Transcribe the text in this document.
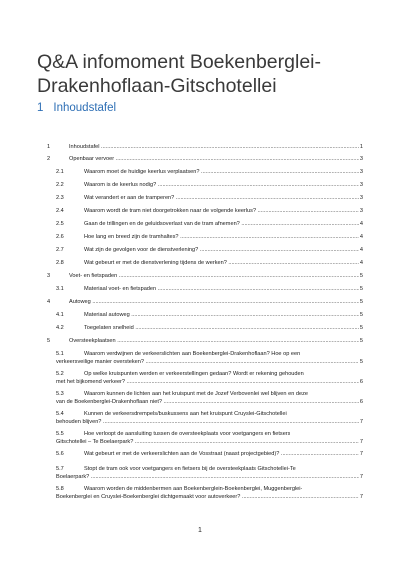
Q&A infomoment Boekenberglei-Drakenhoflaan-Gitschotellei
1 Inhoudstafel
1	Inhoudstafel .....	1
2	Openbaar vervoer .....	3
2.1	Waarom moet de huidige keerlus verplaatsen? .....	3
2.2	Waarom is de keerlus nodig? .....	3
2.3	Wat verandert er aan de tramperen? .....	3
2.4	Waarom wordt de tram niet doorgetrokken naar de volgende keerlus? .....	3
2.5	Gaan de trillingen en de geluidsoverlast van de tram afnemen? .....	4
2.6	Hoe lang en breed zijn de tramhaltes? .....	4
2.7	Wat zijn de gevolgen voor de dienstverlening? .....	4
2.8	Wat gebeurt er met de dienstverlening tijdens de werken? .....	4
3	Voet- en fietspaden .....	5
3.1	Materiaal voet- en fietspaden .....	5
4	Autoweg .....	5
4.1	Materiaal autoweg .....	5
4.2	Toegelaten snelheid .....	5
5	Oversteekplaatsen .....	5
5.1	Waarom verdwijnen de verkeerslichten aan Boekenberglei-Drakenhoflaan? Hoe op een
verkeersveilige manier oversteken? .....	5
5.2	Op welke kruispunten werden er verkeerstellingen gedaan? Wordt er rekening gehouden
met het bijkomend verkeer? .....	6
5.3	Waarom kunnen de lichten aan het kruispunt met de Jozef Verbovenlei wel blijven en deze
van de Boekenberglei-Drakenhoflaan niet? .....	6
5.4	Kunnen de verkeersdrempels/buskussens aan het kruispunt Cruyslei-Gitschotellei
behouden blijven? .....	7
5.5	Hoe verloopt de aansluiting tussen de oversteekplaats voor voetgangers en fietsers
Gitschotellei – Te Boelaerpark? .....	7
5.6	Wat gebeurt er met de verkeerslichten aan de Vosstraat (naast projectgebied)? .....	7
5.7	Stopt de tram ook voor voetgangers en fietsers bij de oversteekplaats Gitschotellei-Te
Boelaerpark? .....	7
5.8	Waarom worden de middenbermen aan Boekenberglein-Boekenberglei, Muggenberglei-
Boekenberglei en Cruyslei-Boekenberglei dichtgemaakt voor autoverkeer? .....	7
1
